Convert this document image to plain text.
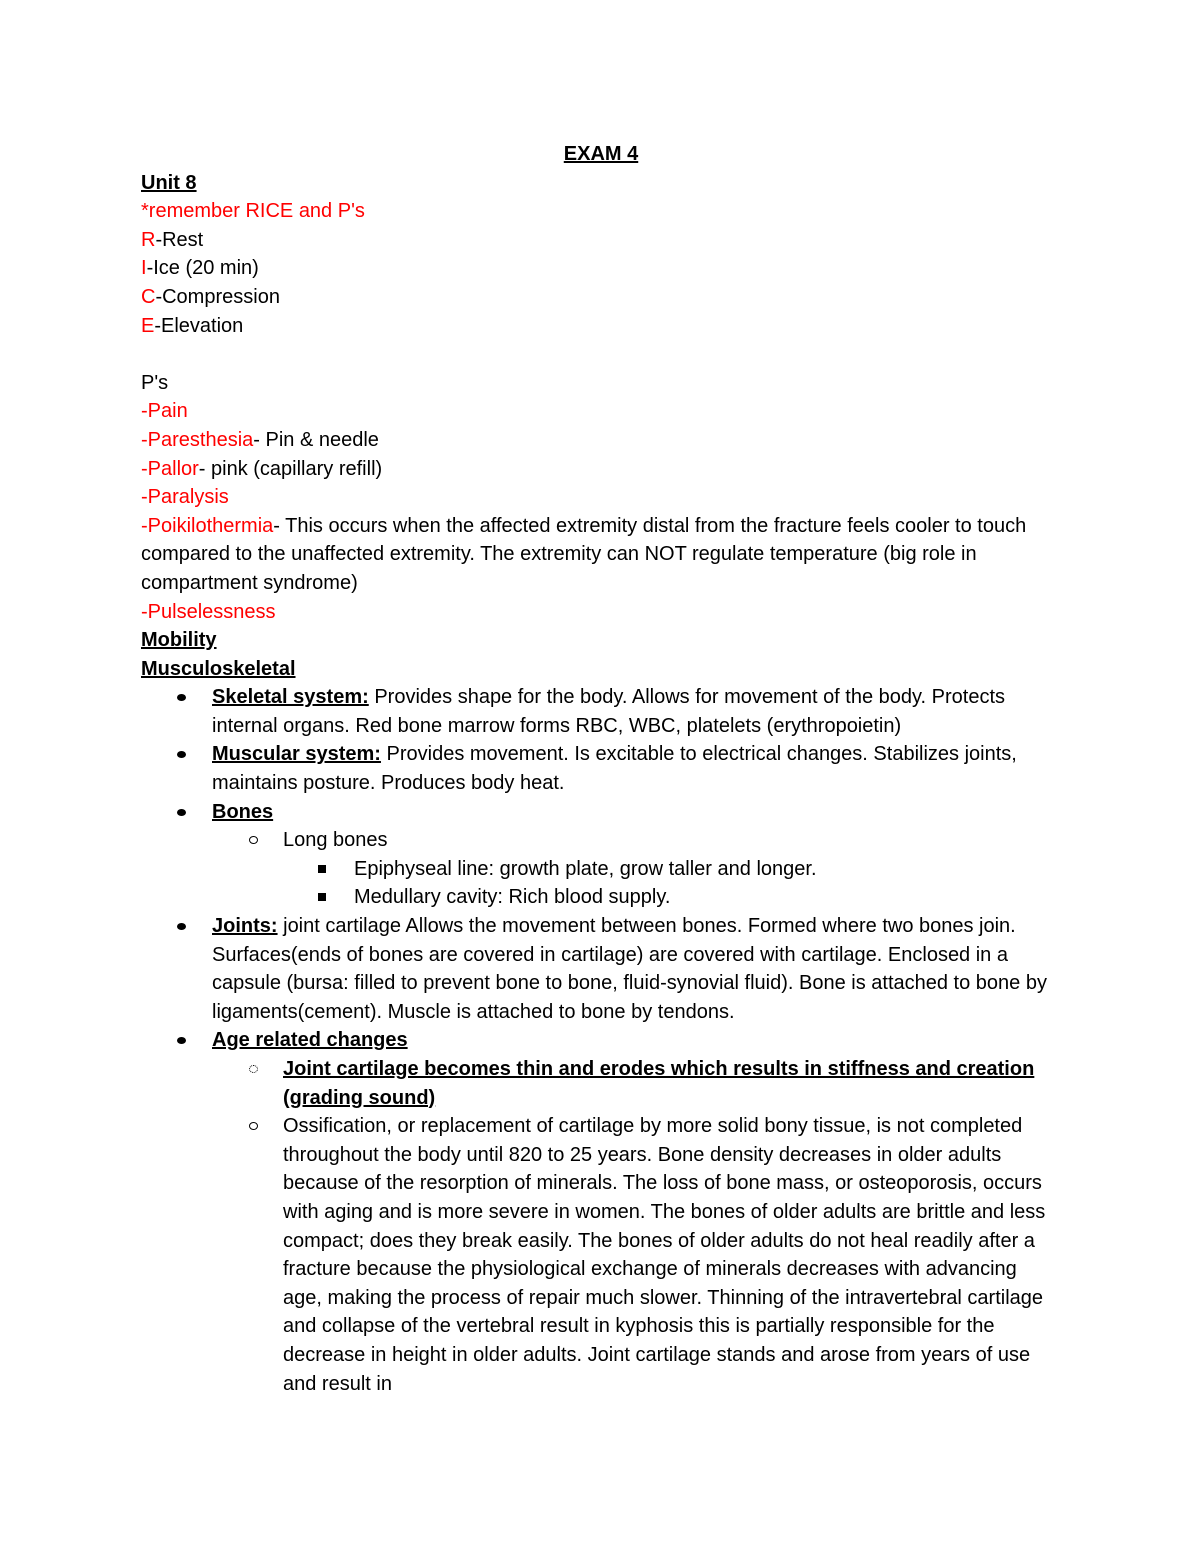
EXAM 4

Unit 8

*remember RICE and P's

R-Rest

I-Ice (20 min)

C-Compression

E-Elevation

P's

-Pain

-Paresthesia- Pin & needle

-Pallor- pink (capillary refill)

-Paralysis

-Poikilothermia- This occurs when the affected extremity distal from the fracture feels cooler to touch compared to the unaffected extremity. The extremity can NOT regulate temperature (big role in compartment syndrome)

-Pulselessness

Mobility

Musculoskeletal

Skeletal system: Provides shape for the body. Allows for movement of the body. Protects internal organs. Red bone marrow forms RBC, WBC, platelets (erythropoietin)
Muscular system: Provides movement. Is excitable to electrical changes. Stabilizes joints, maintains posture. Produces body heat.
Bones
Long bones
Epiphyseal line: growth plate, grow taller and longer.
Medullary cavity: Rich blood supply.
Joints: joint cartilage Allows the movement between bones. Formed where two bones join. Surfaces(ends of bones are covered in cartilage) are covered with cartilage. Enclosed in a capsule (bursa: filled to prevent bone to bone, fluid-synovial fluid). Bone is attached to bone by ligaments(cement). Muscle is attached to bone by tendons.
Age related changes
Joint cartilage becomes thin and erodes which results in stiffness and creation (grading sound)
Ossification, or replacement of cartilage by more solid bony tissue, is not completed throughout the body until 820 to 25 years. Bone density decreases in older adults because of the resorption of minerals. The loss of bone mass, or osteoporosis, occurs with aging and is more severe in women. The bones of older adults are brittle and less compact; does they break easily. The bones of older adults do not heal readily after a fracture because the physiological exchange of minerals decreases with advancing age, making the process of repair much slower. Thinning of the intravertebral cartilage and collapse of the vertebral result in kyphosis this is partially responsible for the decrease in height in older adults. Joint cartilage stands and arose from years of use and result in
